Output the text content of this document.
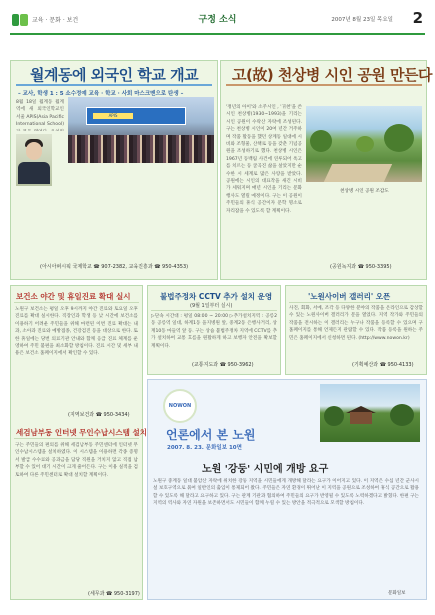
교육 · 문화 · 보건	구정 소식	2007년 8월 23일 목요일 2
월계동에 외국인 학교 개교
– 교사, 학생 1 : 5 소수정예 교육 · 학교 · 사회 마스크맨으로 탄생 –
APIS
8월 18일 월계동 월계역에 새 외국인학교인 서울 APIS(Asia Pacific International School)
(아시아퍼시픽 국제학교 ☎ 907-2382, 교육진흥과 ☎ 950-4353)
고(故) 천상병 시인 공원 만든다
'정년의 아이'와 소주시인 , '귀천'을 쓴 시인 천상병(1930~1993)을 기리는 시인 공원이 수락산 자락에 조성된다. 구는 천상병 시인이 20여 년간 거주하며 작품 활동을 했던 상계동 일대에 시비와 조형물, 산책로 등을 갖춘 기념공원을 조성하기로 했다. 천상병 시인은 1967년 동백림 사건에 연루되어 옥고를 치르는 등 굴곡진 삶을 살았지만 순수한 시 세계로 많은 사랑을 받았다. 공원에는 시인의 대표작을 새긴 시비가 세워지며 매년 시인을 기리는 문화행사도 열릴 예정이다. 구는 이 공원이 주민들의 휴식 공간이자 문학 명소로 자리잡을 수 있도록 할 계획이다.
천상병 시인 공원 조감도
(공원녹지과 ☎ 950-3395)
보건소 야간 및 휴일진료 확대 실시
노원구 보건소는 평일 오후 9시까지 야간 진료와 토요일 오후 진료를 확대 실시한다. 직장인과 학생 등 낮 시간에 보건소를 이용하기 어려운 주민들을 위해 마련된 이번 진료 확대는 내과, 소아과 진료와 예방접종, 건강검진 등을 대상으로 한다. 또한 휴일에는 당번 의료기관 안내와 함께 응급 진료 체계를 운영하여 주민 불편을 최소화할 방침이다. 진료 시간 및 세부 내용은 보건소 홈페이지에서 확인할 수 있다.
(지역보건과 ☎ 950-3434)
세검남부동 인터넷 무인수납시스템 설치
구는 주민들의 편의를 위해 세검남부동 주민센터에 인터넷 무인수납시스템을 설치하였다. 이 시스템을 이용하면 각종 증명서 발급 수수료와 공과금을 담당 직원을 거치지 않고 직접 납부할 수 있어 대기 시간이 크게 줄어든다. 구는 이용 실적을 검토하여 다른 주민센터로 확대 설치할 계획이다.
(세무과 ☎ 950-3197)
불법주정차 CCTV 추가 설치 운영
(9월 1일부터 실시)
▷단속 시간대 : 평일 08:00 ~ 20:00 ▷추가설치지역 : 공릉2동 공릉역 일대, 하계1동 을지병원 앞, 중계2동 은행사거리, 상계10동 마들역 앞 등. 구는 상습 불법주정차 지역에 CCTV를 추가 설치하여 교통 흐름을 원활하게 하고 보행자 안전을 확보할 계획이다.
(교통지도과 ☎ 950-3962)
'노원사이버 갤러리' 오픈
사진, 회화, 서예, 조각 등 다양한 분야의 작품을 온라인으로 감상할 수 있는 노원사이버 갤러리가 문을 열었다. 지역 작가와 주민들의 작품을 전시하는 이 갤러리는 누구나 작품을 등록할 수 있으며 구 홈페이지를 통해 언제든지 관람할 수 있다. 작품 등록을 원하는 주민은 홈페이지에서 신청하면 된다. (http://www.nowon.kr)
(기획예산과 ☎ 950-4133)
NOWON
언론에서 본 노원
2007. 8. 23. 문화일보 10면
노원 '강둥' 시민에 개방 요구
노원구 중계동 일대 불암산 자락에 위치한 강둥 지역을 시민들에게 개방해 달라는 요구가 이어지고 있다. 이 지역은 수십 년간 군사시설 보호구역으로 묶여 일반인의 출입이 통제되어 왔다. 주민들은 자연 환경이 뛰어난 이 지역을 공원으로 조성하여 휴식 공간으로 활용할 수 있도록 해 달라고 요구하고 있다. 구는 관계 기관과 협의하여 주민들의 요구가 반영될 수 있도록 노력하겠다고 밝혔다. 한편 구는 지역의 역사와 자연 자원을 보존하면서도 시민들이 함께 누릴 수 있는 방안을 적극적으로 모색할 방침이다.
문화일보
